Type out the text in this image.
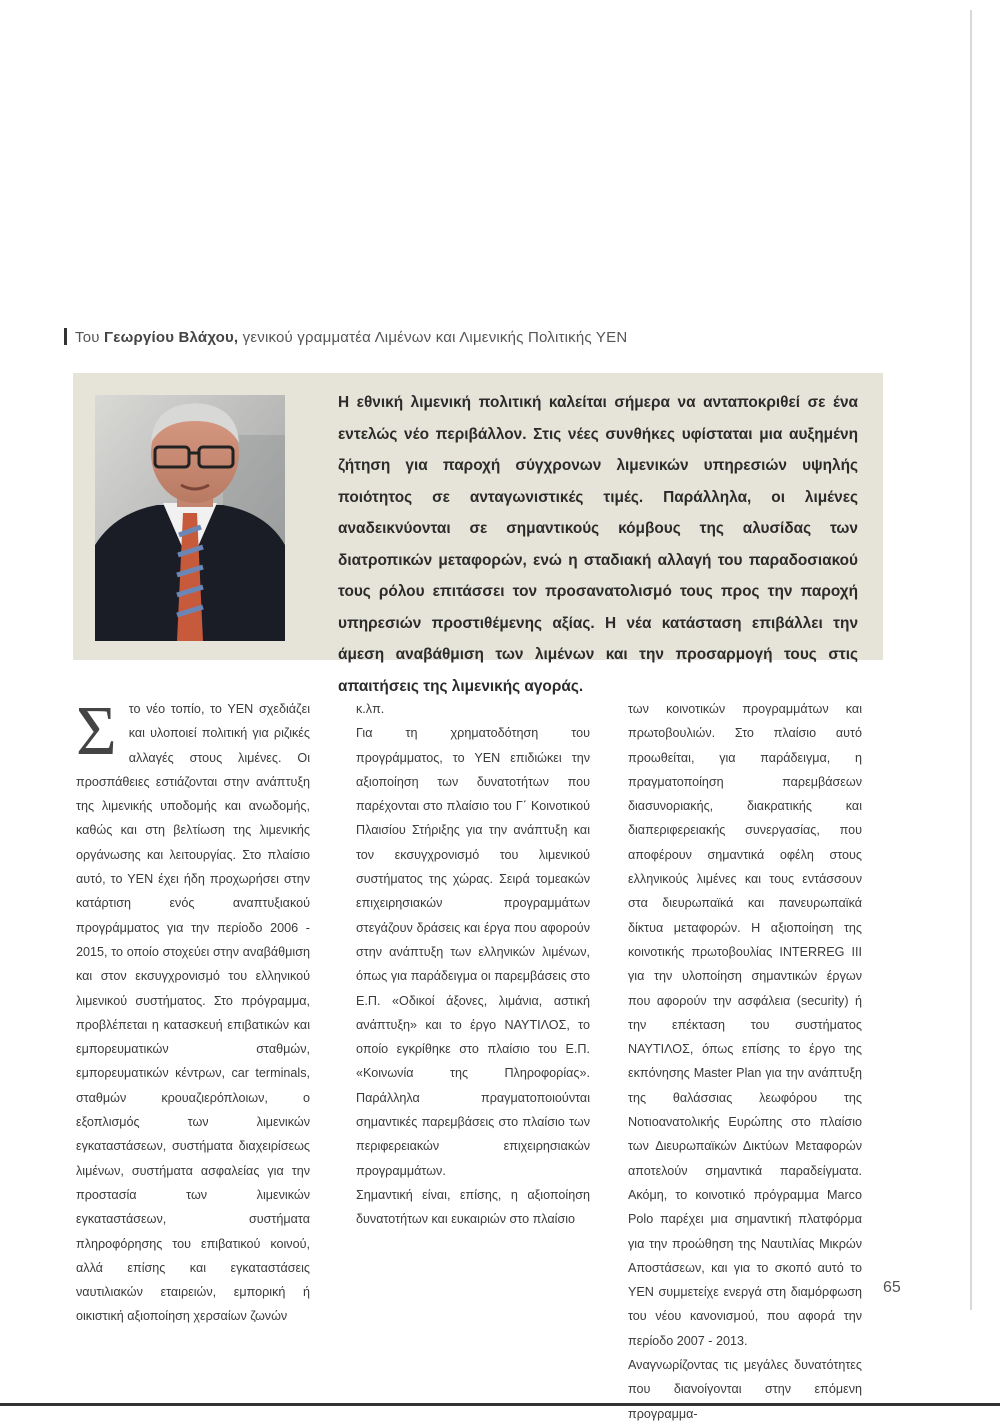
Του Γεωργίου Βλάχου, γενικού γραμματέα Λιμένων και Λιμενικής Πολιτικής ΥΕΝ
Η εθνική λιμενική πολιτική καλείται σήμερα να ανταποκριθεί σε ένα εντελώς νέο περιβάλλον. Στις νέες συνθήκες υφίσταται μια αυξημένη ζήτηση για παροχή σύγχρονων λιμενικών υπηρεσιών υψηλής ποιότητος σε ανταγωνιστικές τιμές. Παράλληλα, οι λιμένες αναδεικνύονται σε σημαντικούς κόμβους της αλυσίδας των διατροπικών μεταφορών, ενώ η σταδιακή αλλαγή του παραδοσιακού τους ρόλου επιτάσσει τον προσανατολισμό τους προς την παροχή υπηρεσιών προστιθέμενης αξίας. Η νέα κατάσταση επιβάλλει την άμεση αναβάθμιση των λιμένων και την προσαρμογή τους στις απαιτήσεις της λιμενικής αγοράς.
Σ το νέο τοπίο, το ΥΕΝ σχεδιάζει και υλοποιεί πολιτική για ριζικές αλλαγές στους λιμένες. Οι προσπάθειες εστιάζονται στην ανάπτυξη της λιμενικής υποδομής και ανωδομής, καθώς και στη βελτίωση της λιμενικής οργάνωσης και λειτουργίας. Στο πλαίσιο αυτό, το ΥΕΝ έχει ήδη προχωρήσει στην κατάρτιση ενός αναπτυξιακού προγράμματος για την περίοδο 2006 - 2015, το οποίο στοχεύει στην αναβάθμιση και στον εκσυγχρονισμό του ελληνικού λιμενικού συστήματος. Στο πρόγραμμα, προβλέπεται η κατασκευή επιβατικών και εμπορευματικών σταθμών, εμπορευματικών κέντρων, car terminals, σταθμών κρουαζιερόπλοιων, ο εξοπλισμός των λιμενικών εγκαταστάσεων, συστήματα διαχειρίσεως λιμένων, συστήματα ασφαλείας για την προστασία των λιμενικών εγκαταστάσεων, συστήματα πληροφόρησης του επιβατικού κοινού, αλλά επίσης και εγκαταστάσεις ναυτιλιακών εταιρειών, εμπορική ή οικιστική αξιοποίηση χερσαίων ζωνών

κ.λπ.

Για τη χρηματοδότηση του προγράμματος, το ΥΕΝ επιδιώκει την αξιοποίηση των δυνατοτήτων που παρέχονται στο πλαίσιο του Γ΄ Κοινοτικού Πλαισίου Στήριξης για την ανάπτυξη και τον εκσυγχρονισμό του λιμενικού συστήματος της χώρας. Σειρά τομεακών επιχειρησιακών προγραμμάτων στεγάζουν δράσεις και έργα που αφορούν στην ανάπτυξη των ελληνικών λιμένων, όπως για παράδειγμα οι παρεμβάσεις στο Ε.Π. «Οδικοί άξονες, λιμάνια, αστική ανάπτυξη» και το έργο ΝΑΥΤΙΛΟΣ, το οποίο εγκρίθηκε στο πλαίσιο του Ε.Π. «Κοινωνία της Πληροφορίας». Παράλληλα πραγματοποιούνται σημαντικές παρεμβάσεις στο πλαίσιο των περιφερειακών επιχειρησιακών προγραμμάτων.

Σημαντική είναι, επίσης, η αξιοποίηση δυνατοτήτων και ευκαιριών στο πλαίσιο

των κοινοτικών προγραμμάτων και πρωτοβουλιών. Στο πλαίσιο αυτό προωθείται, για παράδειγμα, η πραγματοποίηση παρεμβάσεων διασυνοριακής, διακρατικής και διαπεριφερειακής συνεργασίας, που αποφέρουν σημαντικά οφέλη στους ελληνικούς λιμένες και τους εντάσσουν στα διευρωπαϊκά και πανευρωπαϊκά δίκτυα μεταφορών. Η αξιοποίηση της κοινοτικής πρωτοβουλίας INTERREG III για την υλοποίηση σημαντικών έργων που αφορούν την ασφάλεια (security) ή την επέκταση του συστήματος ΝΑΥΤΙΛΟΣ, όπως επίσης το έργο της εκπόνησης Master Plan για την ανάπτυξη της θαλάσσιας λεωφόρου της Νοτιοανατολικής Ευρώπης στο πλαίσιο των Διευρωπαϊκών Δικτύων Μεταφορών αποτελούν σημαντικά παραδείγματα. Ακόμη, το κοινοτικό πρόγραμμα Marco Polo παρέχει μια σημαντική πλατφόρμα για την προώθηση της Ναυτιλίας Μικρών Αποστάσεων, και για το σκοπό αυτό το ΥΕΝ συμμετείχε ενεργά στη διαμόρφωση του νέου κανονισμού, που αφορά την περίοδο 2007 - 2013.

Αναγνωρίζοντας τις μεγάλες δυνατότητες που διανοίγονται στην επόμενη προγραμμα-

65
